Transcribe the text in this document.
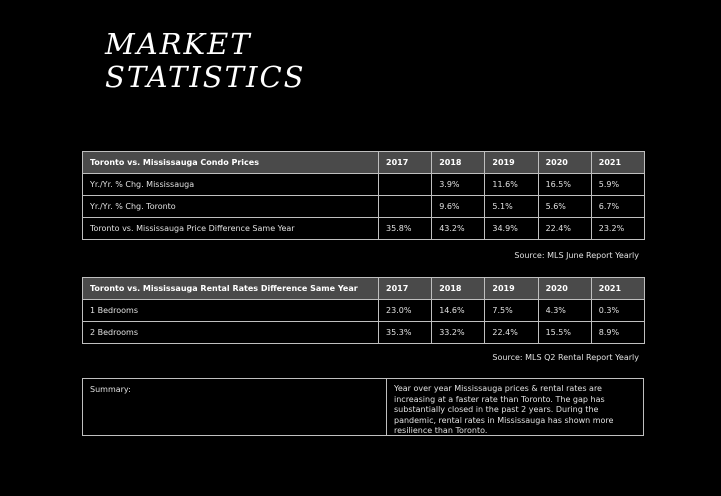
MARKET
STATISTICS
Toronto vs. Mississauga Condo Prices	2017	2018	2019	2020	2021
Yr./Yr. % Chg. Mississauga		3.9%	11.6%	16.5%	5.9%
Yr./Yr. % Chg. Toronto		9.6%	5.1%	5.6%	6.7%
Toronto vs. Mississauga Price Difference Same Year	35.8%	43.2%	34.9%	22.4%	23.2%
Source: MLS June Report Yearly
Toronto vs. Mississauga Rental Rates Difference Same Year	2017	2018	2019	2020	2021
1 Bedrooms	23.0%	14.6%	7.5%	4.3%	0.3%
2 Bedrooms	35.3%	33.2%	22.4%	15.5%	8.9%
Source: MLS Q2 Rental Report Yearly
Summary:	Year over year Mississauga prices & rental rates are increasing at a faster rate than Toronto. The gap has substantially closed in the past 2 years. During the pandemic, rental rates in Mississauga has shown more resilience than Toronto.
